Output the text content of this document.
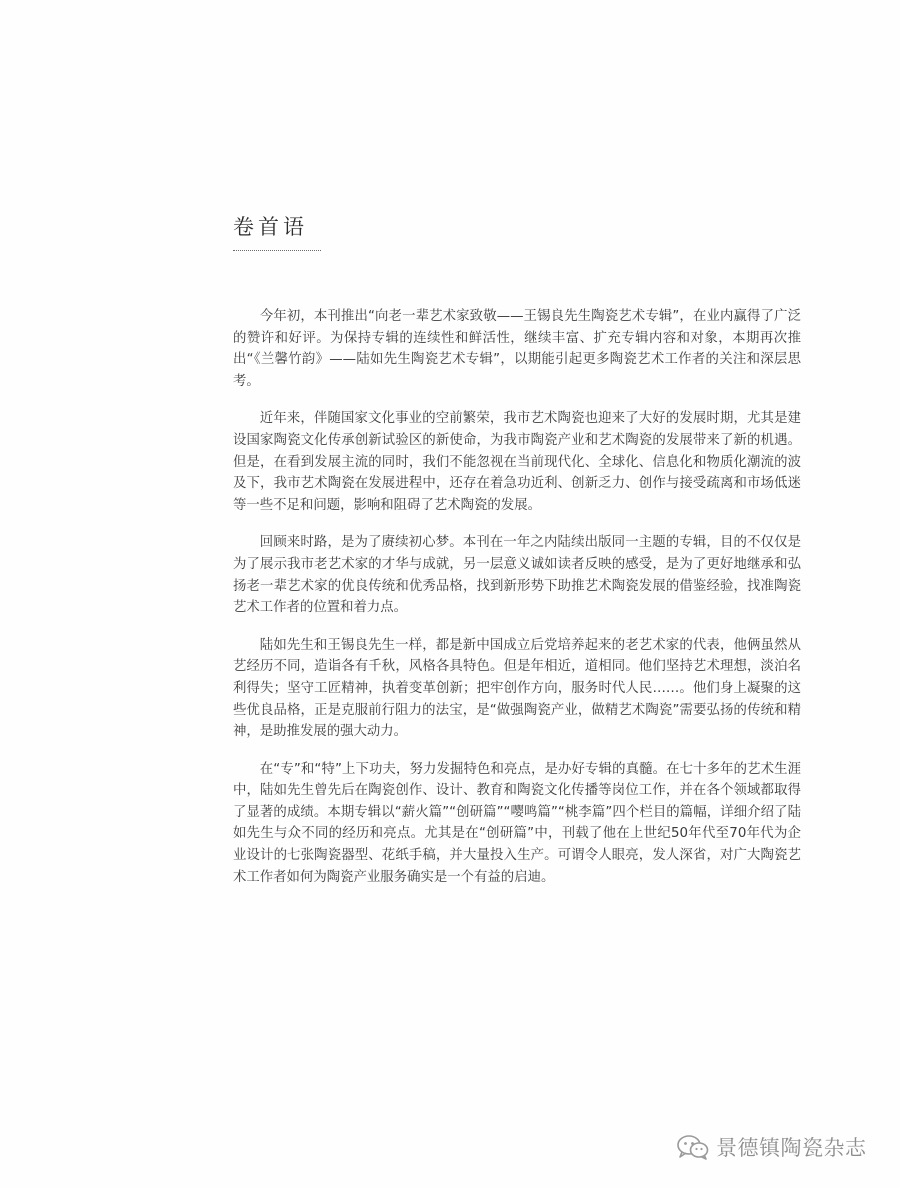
卷首语

今年初，本刊推出“向老一辈艺术家致敬——王锡良先生陶瓷艺术专辑”，在业内赢得了广泛的赞许和好评。为保持专辑的连续性和鲜活性，继续丰富、扩充专辑内容和对象，本期再次推出“《兰馨竹韵》——陆如先生陶瓷艺术专辑”，以期能引起更多陶瓷艺术工作者的关注和深层思考。

近年来，伴随国家文化事业的空前繁荣，我市艺术陶瓷也迎来了大好的发展时期，尤其是建设国家陶瓷文化传承创新试验区的新使命，为我市陶瓷产业和艺术陶瓷的发展带来了新的机遇。但是，在看到发展主流的同时，我们不能忽视在当前现代化、全球化、信息化和物质化潮流的波及下，我市艺术陶瓷在发展进程中，还存在着急功近利、创新乏力、创作与接受疏离和市场低迷等一些不足和问题，影响和阻碍了艺术陶瓷的发展。

回顾来时路，是为了赓续初心梦。本刊在一年之内陆续出版同一主题的专辑，目的不仅仅是为了展示我市老艺术家的才华与成就，另一层意义诚如读者反映的感受，是为了更好地继承和弘扬老一辈艺术家的优良传统和优秀品格，找到新形势下助推艺术陶瓷发展的借鉴经验，找准陶瓷艺术工作者的位置和着力点。

陆如先生和王锡良先生一样，都是新中国成立后党培养起来的老艺术家的代表，他俩虽然从艺经历不同，造诣各有千秋，风格各具特色。但是年相近，道相同。他们坚持艺术理想，淡泊名利得失；坚守工匠精神，执着变革创新；把牢创作方向，服务时代人民……。他们身上凝聚的这些优良品格，正是克服前行阻力的法宝，是“做强陶瓷产业，做精艺术陶瓷”需要弘扬的传统和精神，是助推发展的强大动力。

在“专”和“特”上下功夫，努力发掘特色和亮点，是办好专辑的真髓。在七十多年的艺术生涯中，陆如先生曾先后在陶瓷创作、设计、教育和陶瓷文化传播等岗位工作，并在各个领域都取得了显著的成绩。本期专辑以“薪火篇”“创研篇”“嘤鸣篇”“桃李篇”四个栏目的篇幅，详细介绍了陆如先生与众不同的经历和亮点。尤其是在“创研篇”中，刊载了他在上世纪50年代至70年代为企业设计的七张陶瓷器型、花纸手稿，并大量投入生产。可谓令人眼亮，发人深省，对广大陶瓷艺术工作者如何为陶瓷产业服务确实是一个有益的启迪。

景德镇陶瓷杂志
